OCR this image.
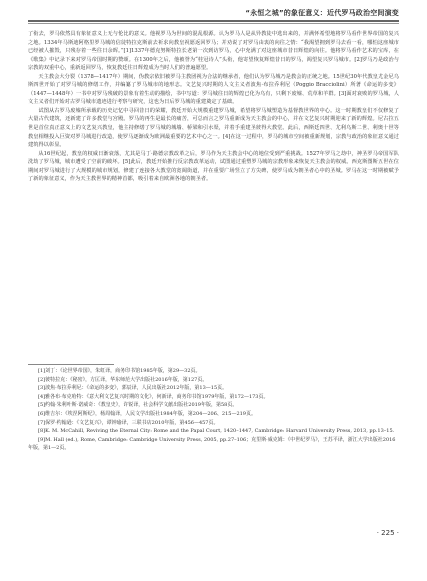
“永恒之城”的象征意义：近代罗马政治空间演变

了衔去，罗马依然具有象征意义上无与伦比的意义。他视罗马为世间的混乱根源。认为罗马人是从异教徒中选出来的，并满怀希望地将罗马看作世界帝国的复兴之地。1334年马斯迪阿格里罗马城的信徒特拉克斯前去祈求向教皇祝愿返回罗马；并劝说了对罗马由衷的向往之情：“我渴望拥到罗马去看一看，哪怕这座城市已经被人摧毁，只残存着一些往日余晖。”[1]1337年德克努斯特拉长老第一次到访罗马，心中充满了对这座城市昔日辉煌的向往。他将罗马看作艺术的宝库，在《歌集》中记录下来对罗马帝国时期的赞颂。在1300年之后，他被誉为“桂冠诗人”头衔，他寄望恢复辉煌昔日的罗马，渴望复兴罗马城市。[2]罗马乃是政治与宗教的双重中心，重新返回罗马，恢复教廷往日辉煌成为当时人们的普遍愿望。

天主教会大分裂（1378—1417年）期间，伪教宗依旧被罗马主教团视为合法的继承者，他们认为罗马城乃是教会的正统之地。15世纪30年代教皇尤金尼乌斯四世开始了对罗马城的修缮工作，并编纂了罗马城市的地形志。文艺复兴时期的人文主义者波焦·布拉乔利尼（Poggio Bracciolini）所著《命运的多变》（1447—1448年）一书中对罗马残破的景象有着生动的描绘，书中写道：罗马城往日的辉煌已化为乌有，只剩下废墟、荒草和羊群。[3]面对衰败的罗马城，人文主义者们开始对古罗马城市遗迹进行考察与研究，这也为日后罗马城的重建奠定了基础。

试图从古罗马废墟所承载的历史记忆中寻回昔日的荣耀，教廷开始大规模重建罗马城，希望将罗马城塑造为基督教世界的中心。这一时期教皇们不仅修复了大量古代建筑，还新建了许多教堂与宫殿。罗马的再生是最长的痛苦，可总而言之罗马重新成为天主教会的中心，并在文艺复兴时期迎来了新的辉煌。尼古拉五世是首位真正意义上的文艺复兴教皇，他主持修缮了罗马城的城墙、桥梁和引水渠，并着手重建圣彼得大教堂。此后，西斯廷四世、尤利乌斯二世、利奥十世等教皇相继投入巨资对罗马城进行改造，使罗马逐渐成为欧洲最重要的艺术中心之一。[4]在这一过程中，罗马的城市空间被重新规划，宗教与政治的象征意义通过建筑得以彰显。

从16世纪起，教皇的权威日渐衰落，尤其是马丁·路德宗教改革之后，罗马作为天主教会中心的地位受到严重挑战。1527年罗马之劫中，神圣罗马帝国军队洗劫了罗马城，城市遭受了空前的破坏。[5]此后，教廷开始推行反宗教改革运动，试图通过重塑罗马城的宗教形象来恢复天主教会的权威。西克斯图斯五世在位期间对罗马城进行了大规模的城市规划，修建了连接各大教堂的宽阔街道，并在重要广场竖立了方尖碑，使罗马成为朝圣者心中的圣城。罗马在这一时期被赋予了新的象征意义，作为天主教世界的精神首都，吸引着来自欧洲各地的朝圣者。

[1]刘丁：《论世界帝国》，朱虹译，商务印书馆1985年版，第29—32页。

[2]彼特拉克：《秘密》，方匡译，华东师范大学出版社2016年版，第127页。

[3]波焦·布拉乔利尼：《命运的多变》，郭辰译，人民出版社2012年版，第13—15页。

[4]雅各布·布克哈特：《意大利文艺复兴时期的文化》，何新译，商务印书馆1979年版，第172—173页。

[5]约翰·朱利叶斯·诺威奇：《教皇史》，许锐译，社会科学文献出版社2019年版，第58页。

[6]维吉尔：《埃涅阿斯纪》，杨周翰译，人民文学出版社1984年版，第204—206、215—219页。

[7]保罗·约翰逊：《文艺复兴》，谭钟瑜译，三联书店2010年版，第456—457页。

[8]K. M. McCahill, Reviving the Eternal City: Rome and the Papal Court, 1420–1447, Cambridge: Harvard University Press, 2013, pp.13–15.

[9]M. Hall (ed.), Rome, Cambridge: Cambridge University Press, 2005, pp.27–106；克里斯·威克姆：《中世纪罗马》，王苏平译，浙江大学出版社2016年版，第1—2页。

· 225 ·
